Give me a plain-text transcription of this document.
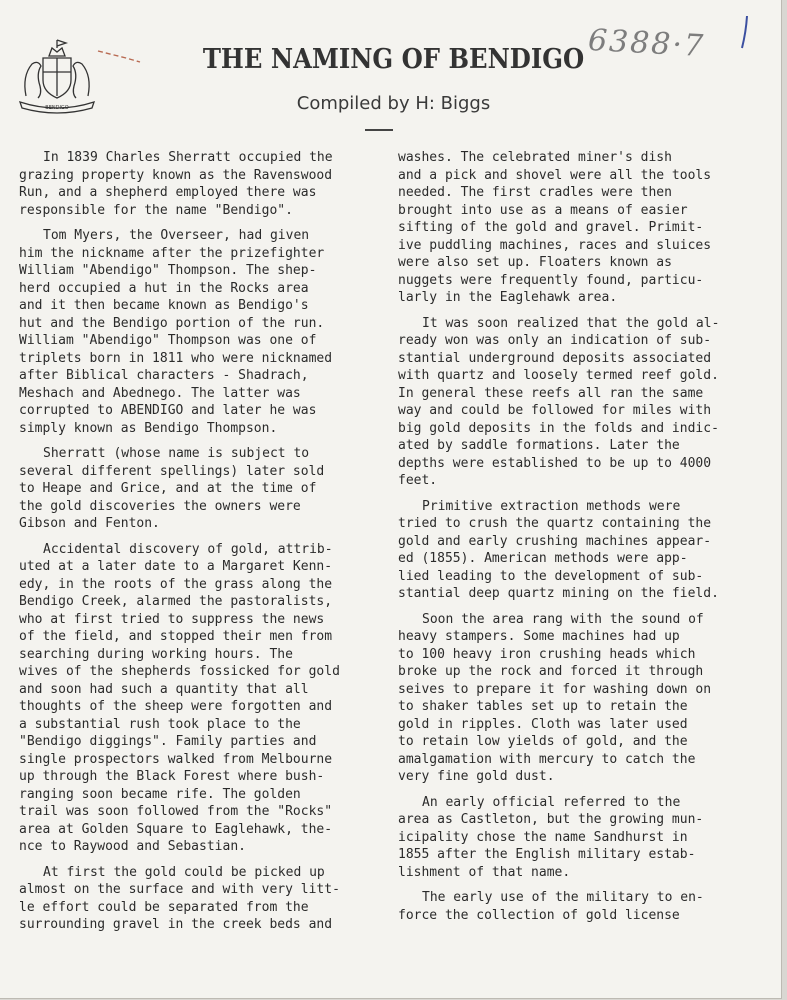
BENDIGO
6388·7
THE NAMING OF BENDIGO
Compiled by H: Biggs

In 1839 Charles Sherratt occupied the
grazing property known as the Ravenswood
Run, and a shepherd employed there was
responsible for the name "Bendigo".

Tom Myers, the Overseer, had given
him the nickname after the prizefighter
William "Abendigo" Thompson. The shep-
herd occupied a hut in the Rocks area
and it then became known as Bendigo's
hut and the Bendigo portion of the run.
William "Abendigo" Thompson was one of
triplets born in 1811 who were nicknamed
after Biblical characters - Shadrach,
Meshach and Abednego. The latter was
corrupted to ABENDIGO and later he was
simply known as Bendigo Thompson.

Sherratt (whose name is subject to
several different spellings) later sold
to Heape and Grice, and at the time of
the gold discoveries the owners were
Gibson and Fenton.

Accidental discovery of gold, attrib-
uted at a later date to a Margaret Kenn-
edy, in the roots of the grass along the
Bendigo Creek, alarmed the pastoralists,
who at first tried to suppress the news
of the field, and stopped their men from
searching during working hours. The
wives of the shepherds fossicked for gold
and soon had such a quantity that all
thoughts of the sheep were forgotten and
a substantial rush took place to the
"Bendigo diggings". Family parties and
single prospectors walked from Melbourne
up through the Black Forest where bush-
ranging soon became rife. The golden
trail was soon followed from the "Rocks"
area at Golden Square to Eaglehawk, the-
nce to Raywood and Sebastian.

At first the gold could be picked up
almost on the surface and with very litt-
le effort could be separated from the
surrounding gravel in the creek beds and

washes. The celebrated miner's dish
and a pick and shovel were all the tools
needed. The first cradles were then
brought into use as a means of easier
sifting of the gold and gravel. Primit-
ive puddling machines, races and sluices
were also set up. Floaters known as
nuggets were frequently found, particu-
larly in the Eaglehawk area.

It was soon realized that the gold al-
ready won was only an indication of sub-
stantial underground deposits associated
with quartz and loosely termed reef gold.
In general these reefs all ran the same
way and could be followed for miles with
big gold deposits in the folds and indic-
ated by saddle formations. Later the
depths were established to be up to 4000
feet.

Primitive extraction methods were
tried to crush the quartz containing the
gold and early crushing machines appear-
ed (1855). American methods were app-
lied leading to the development of sub-
stantial deep quartz mining on the field.

Soon the area rang with the sound of
heavy stampers. Some machines had up
to 100 heavy iron crushing heads which
broke up the rock and forced it through
seives to prepare it for washing down on
to shaker tables set up to retain the
gold in ripples. Cloth was later used
to retain low yields of gold, and the
amalgamation with mercury to catch the
very fine gold dust.

An early official referred to the
area as Castleton, but the growing mun-
icipality chose the name Sandhurst in
1855 after the English military estab-
lishment of that name.

The early use of the military to en-
force the collection of gold license
